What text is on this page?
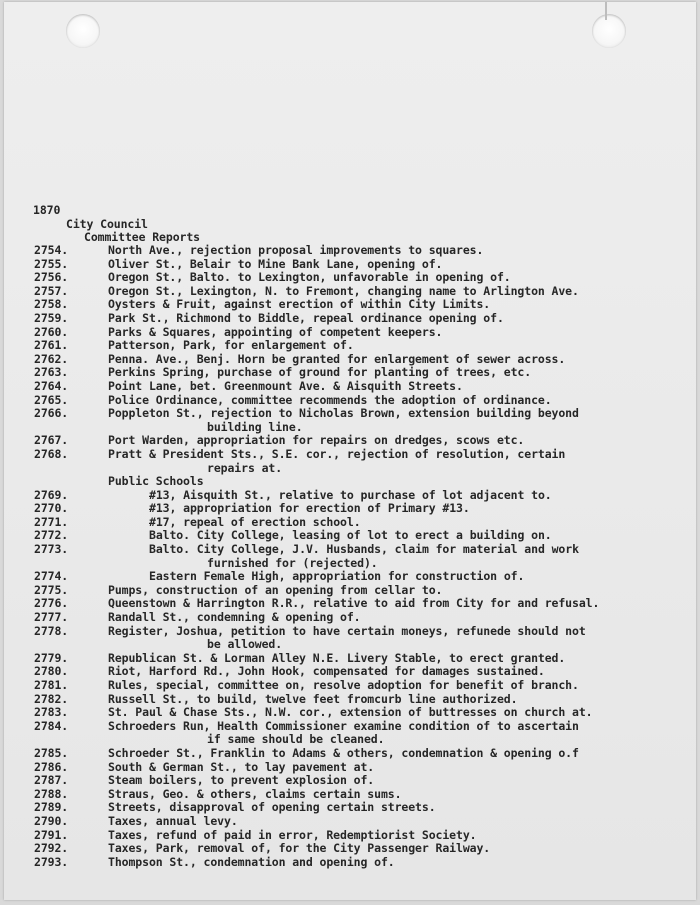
1870
City Council
Committee Reports
2754.	North Ave., rejection proposal improvements to squares.
2755.	Oliver St., Belair to Mine Bank Lane, opening of.
2756.	Oregon St., Balto. to Lexington, unfavorable in opening of.
2757.	Oregon St., Lexington, N. to Fremont, changing name to Arlington Ave.
2758.	Oysters & Fruit, against erection of within City Limits.
2759.	Park St., Richmond to Biddle, repeal ordinance opening of.
2760.	Parks & Squares, appointing of competent keepers.
2761.	Patterson, Park, for enlargement of.
2762.	Penna. Ave., Benj. Horn be granted for enlargement of sewer across.
2763.	Perkins Spring, purchase of ground for planting of trees, etc.
2764.	Point Lane, bet. Greenmount Ave. & Aisquith Streets.
2765.	Police Ordinance, committee recommends the adoption of ordinance.
2766.	Poppleton St., rejection to Nicholas Brown, extension building beyond
building line.
2767.	Port Warden, appropriation for repairs on dredges, scows etc.
2768.	Pratt & President Sts., S.E. cor., rejection of resolution, certain
repairs at.
Public Schools
2769.	#13, Aisquith St., relative to purchase of lot adjacent to.
2770.	#13, appropriation for erection of Primary #13.
2771.	#17, repeal of erection school.
2772.	Balto. City College, leasing of lot to erect a building on.
2773.	Balto. City College, J.V. Husbands, claim for material and work
furnished for (rejected).
2774.	Eastern Female High, appropriation for construction of.
2775.	Pumps, construction of an opening from cellar to.
2776.	Queenstown & Harrington R.R., relative to aid from City for and refusal.
2777.	Randall St., condemning & opening of.
2778.	Register, Joshua, petition to have certain moneys, refunede should not
be allowed.
2779.	Republican St. & Lorman Alley N.E. Livery Stable, to erect granted.
2780.	Riot, Harford Rd., John Hook, compensated for damages sustained.
2781.	Rules, special, committee on, resolve adoption for benefit of branch.
2782.	Russell St., to build, twelve feet fromcurb line authorized.
2783.	St. Paul & Chase Sts., N.W. cor., extension of buttresses on church at.
2784.	Schroeders Run, Health Commissioner examine condition of to ascertain
if same should be cleaned.
2785.	Schroeder St., Franklin to Adams & others, condemnation & opening o.f
2786.	South & German St., to lay pavement at.
2787.	Steam boilers, to prevent explosion of.
2788.	Straus, Geo. & others, claims certain sums.
2789.	Streets, disapproval of opening certain streets.
2790.	Taxes, annual levy.
2791.	Taxes, refund of paid in error, Redemptiorist Society.
2792.	Taxes, Park, removal of, for the City Passenger Railway.
2793.	Thompson St., condemnation and opening of.
